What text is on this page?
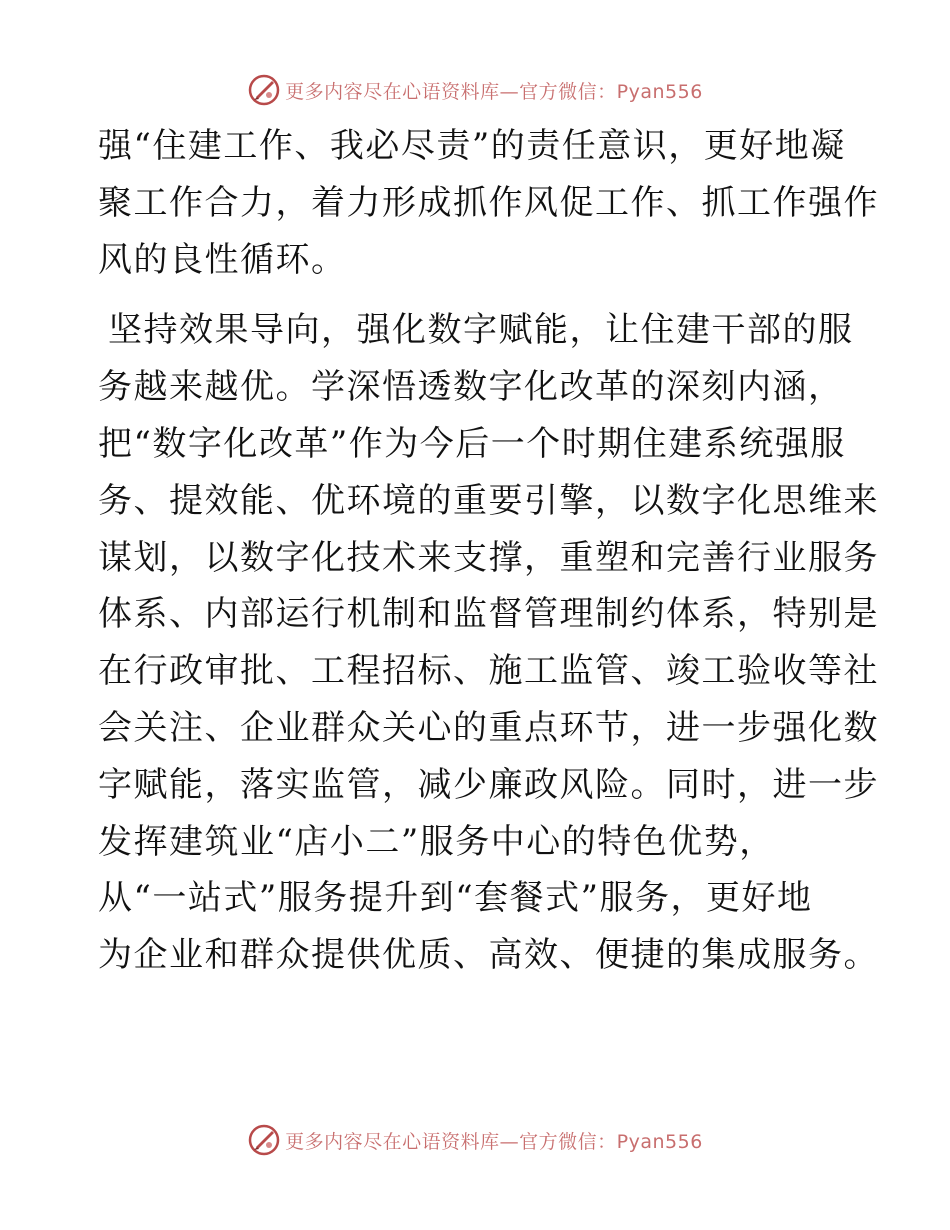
更多内容尽在心语资料库—官方微信：Pyan556
强“住建工作、我必尽责”的责任意识，更好地凝
聚工作合力，着力形成抓作风促工作、抓工作强作
风的良性循环。
坚持效果导向，强化数字赋能，让住建干部的服
务越来越优。学深悟透数字化改革的深刻内涵，
把“数字化改革”作为今后一个时期住建系统强服
务、提效能、优环境的重要引擎，以数字化思维来
谋划，以数字化技术来支撑，重塑和完善行业服务
体系、内部运行机制和监督管理制约体系，特别是
在行政审批、工程招标、施工监管、竣工验收等社
会关注、企业群众关心的重点环节，进一步强化数
字赋能，落实监管，减少廉政风险。同时，进一步
发挥建筑业“店小二”服务中心的特色优势，
从“一站式”服务提升到“套餐式”服务，更好地
为企业和群众提供优质、高效、便捷的集成服务。
更多内容尽在心语资料库—官方微信：Pyan556
